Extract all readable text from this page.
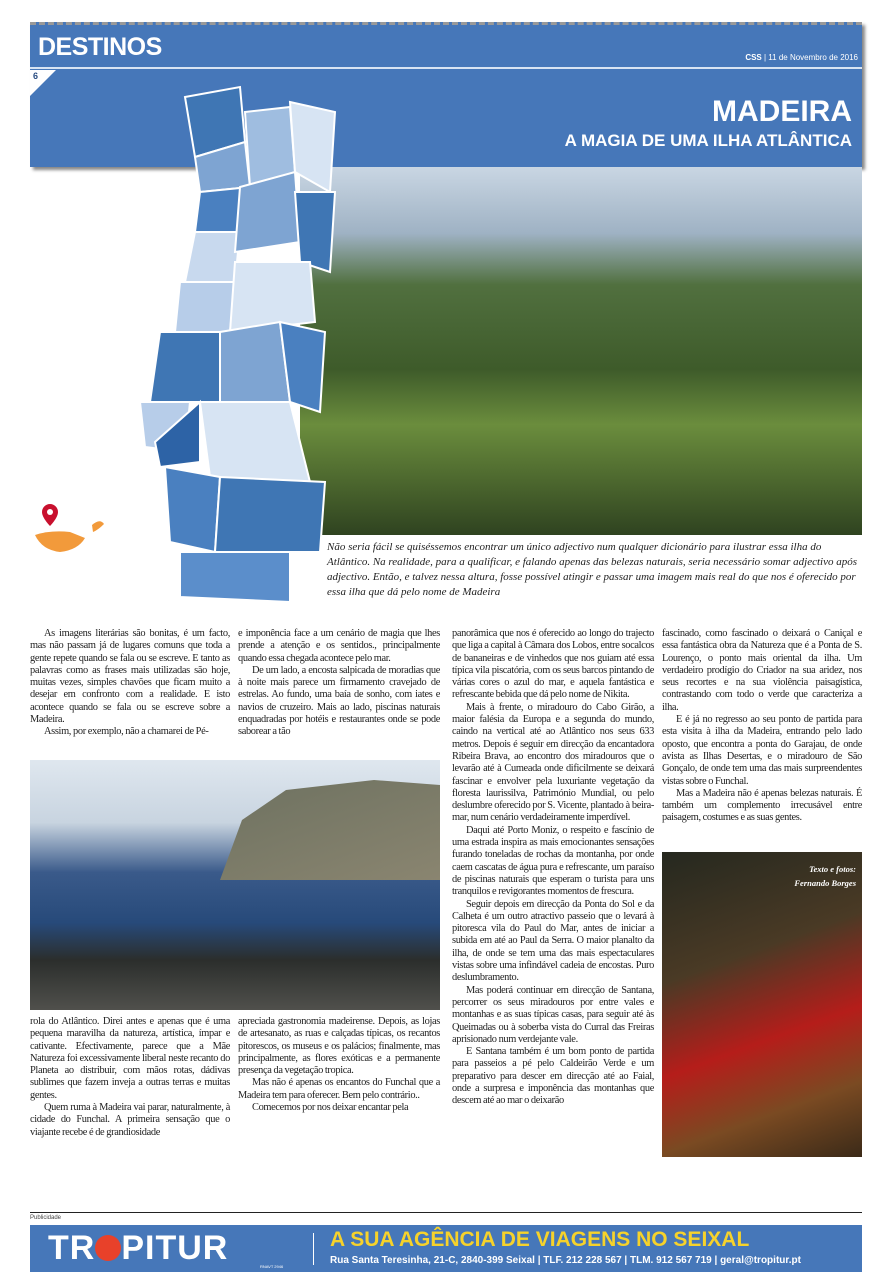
DESTINOS	CSS | 11 de Novembro de 2016
6
MADEIRA
A MAGIA DE UMA ILHA ATLÂNTICA
Não seria fácil se quiséssemos encontrar um único adjectivo num qualquer dicionário para ilustrar essa ilha do Atlântico. Na realidade, para a qualificar, e falando apenas das belezas naturais, seria necessário somar adjectivo após adjectivo. Então, e talvez nessa altura, fosse possível atingir e passar uma imagem mais real do que nos é oferecido por essa ilha que dá pelo nome de Madeira

As imagens literárias são bonitas, é um facto, mas não passam já de lugares comuns que toda a gente repete quando se fala ou se escreve. E tanto as palavras como as frases mais utilizadas são hoje, muitas vezes, simples chavões que ficam muito a desejar em confronto com a realidade. E isto acontece quando se fala ou se escreve sobre a Madeira.

Assim, por exemplo, não a chamarei de Pé-

e imponência face a um cenário de magia que lhes prende a atenção e os sentidos., principalmente quando essa chegada acontece pelo mar.

De um lado, a encosta salpicada de moradias que à noite mais parece um firmamento cravejado de estrelas. Ao fundo, uma baía de sonho, com iates e navios de cruzeiro. Mais ao lado, piscinas naturais enquadradas por hotéis e restaurantes onde se pode saborear a tão

rola do Atlântico. Direi antes e apenas que é uma pequena maravilha da natureza, artística, ímpar e cativante. Efectivamente, parece que a Mãe Natureza foi excessivamente liberal neste recanto do Planeta ao distribuir, com mãos rotas, dádivas sublimes que fazem inveja a outras terras e muitas gentes.

Quem ruma à Madeira vai parar, naturalmente, à cidade do Funchal. A primeira sensação que o viajante recebe é de grandiosidade

apreciada gastronomia madeirense. Depois, as lojas de artesanato, as ruas e calçadas típicas, os recantos pitorescos, os museus e os palácios; finalmente, mas principalmente, as flores exóticas e a permanente presença da vegetação tropica.

Mas não é apenas os encantos do Funchal que a Madeira tem para oferecer. Bem pelo contrário..

Comecemos por nos deixar encantar pela

panorâmica que nos é oferecido ao longo do trajecto que liga a capital à Câmara dos Lobos, entre socalcos de bananeiras e de vinhedos que nos guiam até essa típica vila piscatória, com os seus barcos pintando de várias cores o azul do mar, e aquela fantástica e refrescante bebida que dá pelo nome de Nikita.

Mais à frente, o miradouro do Cabo Girão, a maior falésia da Europa e a segunda do mundo, caindo na vertical até ao Atlântico nos seus 633 metros. Depois é seguir em direcção da encantadora Ribeira Brava, ao encontro dos miradouros que o levarão até à Cumeada onde dificilmente se deixará fascinar e envolver pela luxuriante vegetação da floresta laurissilva, Património Mundial, ou pelo deslumbre oferecido por S. Vicente, plantado à beira-mar, num cenário verdadeiramente imperdível.

Daqui até Porto Moniz, o respeito e fascínio de uma estrada inspira as mais emocionantes sensações furando toneladas de rochas da montanha, por onde caem cascatas de água pura e refrescante, um paraíso de piscinas naturais que esperam o turista para uns tranquilos e revigorantes momentos de frescura.

Seguir depois em direcção da Ponta do Sol e da Calheta é um outro atractivo passeio que o levará à pitoresca vila do Paul do Mar, antes de iniciar a subida em até ao Paul da Serra. O maior planalto da ilha, de onde se tem uma das mais espectaculares vistas sobre uma infindável cadeia de encostas. Puro deslumbramento.

Mas poderá continuar em direcção de Santana, percorrer os seus miradouros por entre vales e montanhas e as suas típicas casas, para seguir até às Queimadas ou à soberba vista do Curral das Freiras aprisionado num verdejante vale.

E Santana também é um bom ponto de partida para passeios a pé pelo Caldeirão Verde e um preparativo para descer em direcção até ao Faial, onde a surpresa e imponência das montanhas que descem até ao mar o deixarão

fascinado, como fascinado o deixará o Caniçal e essa fantástica obra da Natureza que é a Ponta de S. Lourenço, o ponto mais oriental da ilha. Um verdadeiro prodígio do Criador na sua aridez, nos seus recortes e na sua violência paisagística, contrastando com todo o verde que caracteriza a ilha.

E é já no regresso ao seu ponto de partida para esta visita à ilha da Madeira, entrando pelo lado oposto, que encontra a ponta do Garajau, de onde avista as Ilhas Desertas, e o miradouro de São Gonçalo, de onde tem uma das mais surpreendentes vistas sobre o Funchal.

Mas a Madeira não é apenas belezas naturais. É também um complemento irrecusável entre paisagem, costumes e as suas gentes.

Texto e fotos:
Fernando Borges
Publicidade
TR PITUR	RNAVT 2946
A SUA AGÊNCIA DE VIAGENS NO SEIXAL
Rua Santa Teresinha, 21-C, 2840-399 Seixal | TLF. 212 228 567 | TLM. 912 567 719 | geral@tropitur.pt
